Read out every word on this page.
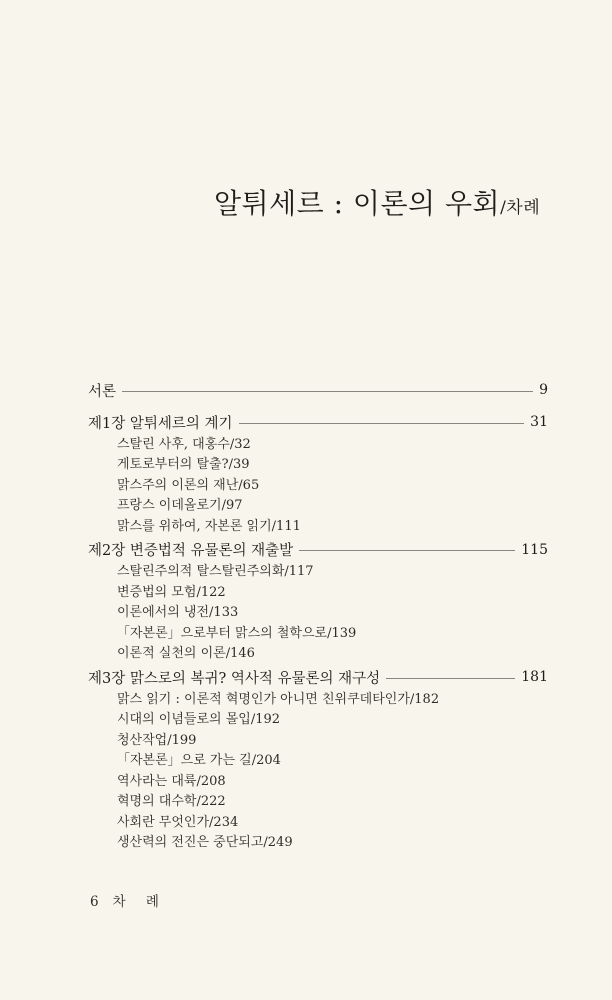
알튀세르 : 이론의 우회/차례
서론	9
제1장 알튀세르의 계기	31
스탈린 사후, 대홍수/32
게토로부터의 탈출?/39
맑스주의 이론의 재난/65
프랑스 이데올로기/97
맑스를 위하여, 자본론 읽기/111
제2장 변증법적 유물론의 재출발	115
스탈린주의적 탈스탈린주의화/117
변증법의 모험/122
이론에서의 냉전/133
「자본론」으로부터 맑스의 철학으로/139
이론적 실천의 이론/146
제3장 맑스로의 복귀? 역사적 유물론의 재구성	181
맑스 읽기 : 이론적 혁명인가 아니면 친위쿠데타인가/182
시대의 이념들로의 몰입/192
청산작업/199
「자본론」으로 가는 길/204
역사라는 대륙/208
혁명의 대수학/222
사회란 무엇인가/234
생산력의 전진은 중단되고/249
6 차 례
